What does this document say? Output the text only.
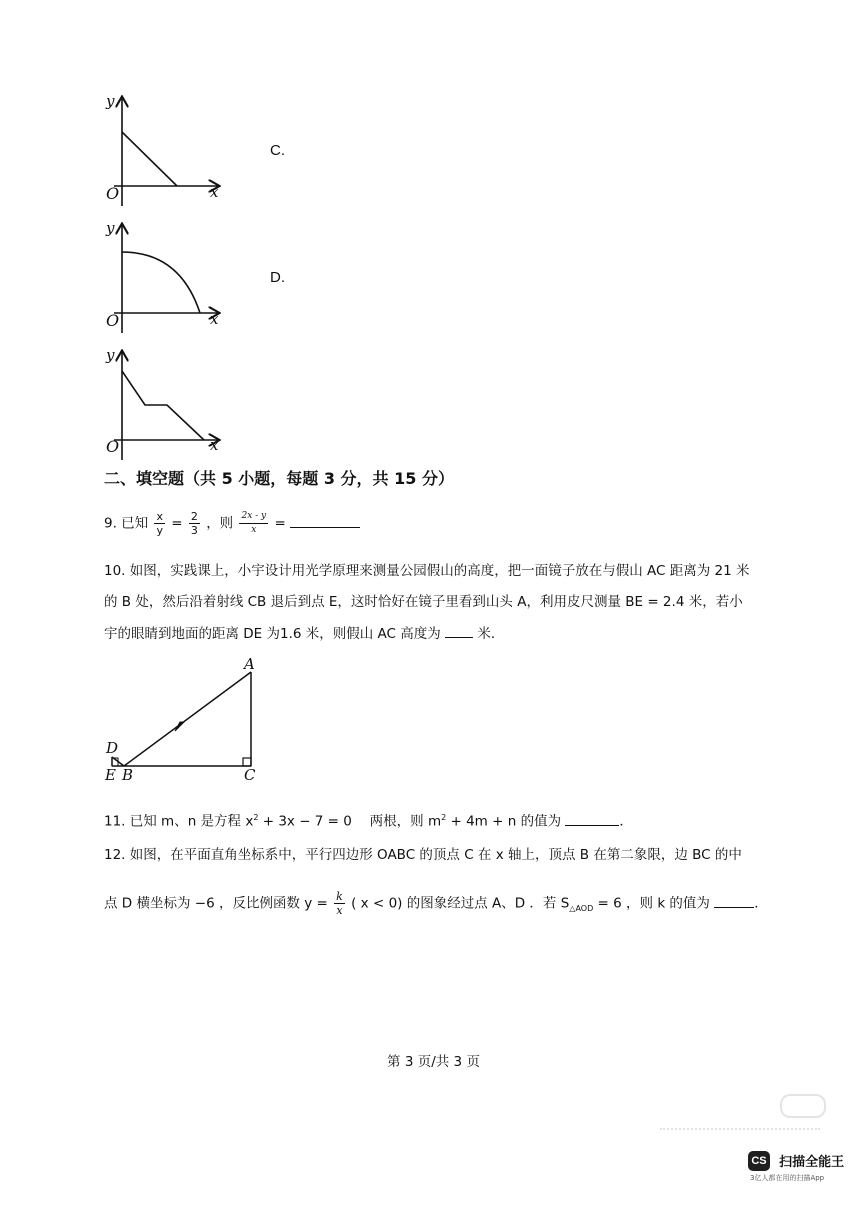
y
x
O
C.
y
x
O
D.
y
x
O
二、填空题（共 5 小题，每题 3 分，共 15 分）
9. 已知 $\frac{x}{y} = \frac{2}{3}$ ，则 $\frac{2x - y}{x}$ =
10. 如图，实践课上，小宇设计用光学原理来测量公园假山的高度，把一面镜子放在与假山 AC 距离为 21 米
的 B 处，然后沿着射线 CB 退后到点 E，这时恰好在镜子里看到山头 A，利用皮尺测量 BE = 2.4 米，若小
宇的眼睛到地面的距离 DE 为1.6 米，则假山 AC 高度为	米．
A
D
E B	C
11. 已知 m、n 是方程 $x^2 + 3x - 7 = 0$　 两根，则 $m^2 + 4m + n$ 的值为	．
12. 如图，在平面直角坐标系中，平行四边形 OABC 的顶点 C 在 x 轴上，顶点 B 在第二象限，边 BC 的中
点 D 横坐标为 −6 ，反比例函数 $y = \frac{k}{x}$ ( x < 0) 的图象经过点 A、D ．若 $S_{\triangle AOD} = 6$ ，则 k 的值为	．
第 3 页/共 3 页
CS 扫描全能王
3亿人都在用的扫描App
